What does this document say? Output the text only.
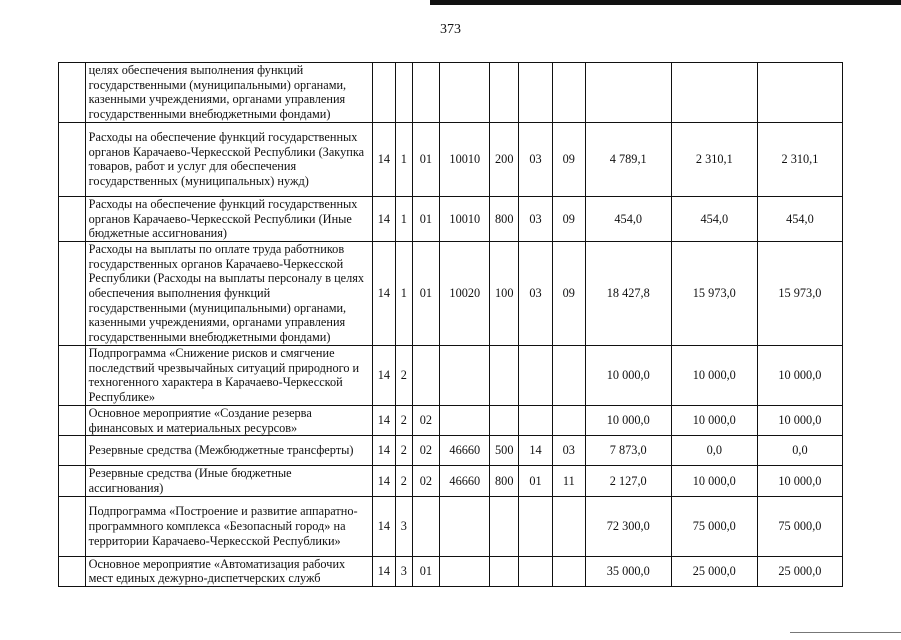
373
	целях обеспечения выполнения функций государственными (муниципальными) органами, казенными учреждениями, органами управления государственными внебюджетными фондами)										
	Расходы на обеспечение функций государственных органов Карачаево-Черкесской Республики (Закупка товаров, работ и услуг для обеспечения государственных (муниципальных) нужд)	14	1	01	10010	200	03	09	4 789,1	2 310,1	2 310,1
	Расходы на обеспечение функций государственных органов Карачаево-Черкесской Республики (Иные бюджетные ассигнования)	14	1	01	10010	800	03	09	454,0	454,0	454,0
	Расходы на выплаты по оплате труда работников государственных органов Карачаево-Черкесской Республики (Расходы на выплаты персоналу в целях обеспечения выполнения функций государственными (муниципальными) органами, казенными учреждениями, органами управления государственными внебюджетными фондами)	14	1	01	10020	100	03	09	18 427,8	15 973,0	15 973,0
	Подпрограмма «Снижение рисков и смягчение последствий чрезвычайных ситуаций природного и техногенного характера в Карачаево-Черкесской Республике»	14	2						10 000,0	10 000,0	10 000,0
	Основное мероприятие «Создание резерва финансовых и материальных ресурсов»	14	2	02					10 000,0	10 000,0	10 000,0
	Резервные средства (Межбюджетные трансферты)	14	2	02	46660	500	14	03	7 873,0	0,0	0,0
	Резервные средства (Иные бюджетные ассигнования)	14	2	02	46660	800	01	11	2 127,0	10 000,0	10 000,0
	Подпрограмма «Построение и развитие аппаратно-программного комплекса «Безопасный город» на территории Карачаево-Черкесской Республики»	14	3						72 300,0	75 000,0	75 000,0
	Основное мероприятие «Автоматизация рабочих мест единых дежурно-диспетчерских служб	14	3	01					35 000,0	25 000,0	25 000,0
